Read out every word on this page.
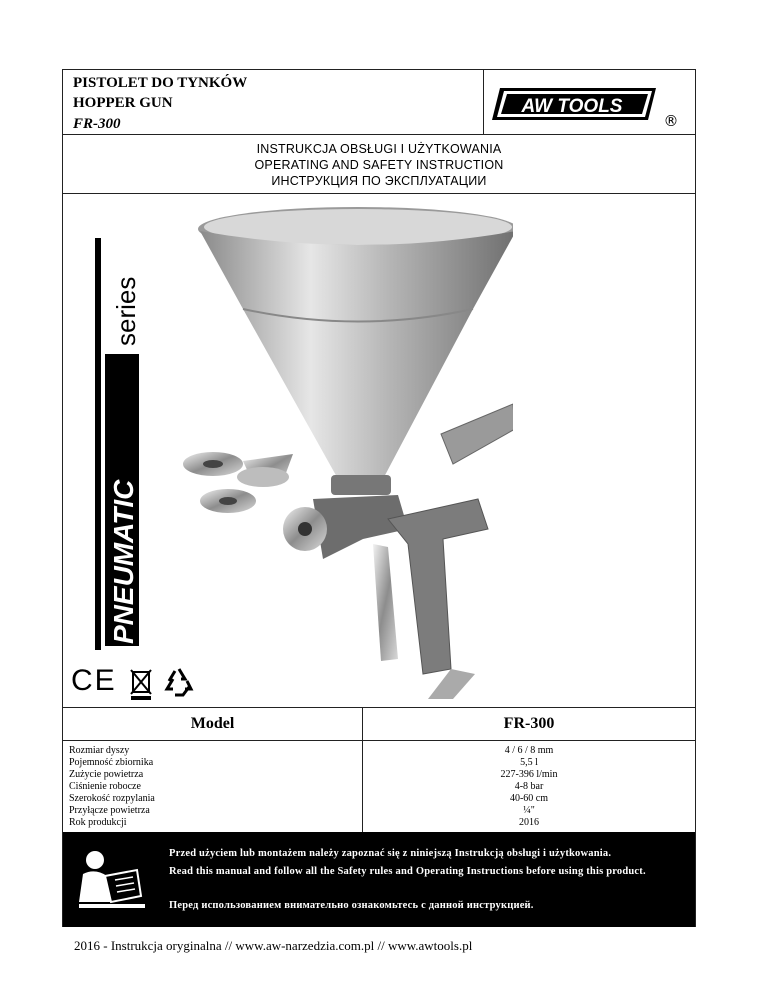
PISTOLET DO TYNKÓW
HOPPER GUN
FR-300
AW TOOLS
®
INSTRUKCJA OBSŁUGI I UŻYTKOWANIA
OPERATING AND SAFETY INSTRUCTION
ИНСТРУКЦИЯ ПО ЭКСПЛУАТАЦИИ
PNEUMATIC
series
CE
Model	FR-300
Rozmiar dyszy	4 / 6 / 8 mm
Pojemność zbiornika	5,5 l
Zużycie powietrza	227-396 l/min
Ciśnienie robocze	4-8 bar
Szerokość rozpylania	40-60 cm
Przyłącze powietrza	¼"
Rok produkcji	2016
Przed użyciem lub montażem należy zapoznać się z niniejszą Instrukcją obsługi i użytkowania.
Read this manual and follow all the Safety rules and Operating Instructions before using this product.
Перед использованием внимательно ознакомьтесь с данной инструкцией.
2016 - Instrukcja oryginalna // www.aw-narzedzia.com.pl // www.awtools.pl
